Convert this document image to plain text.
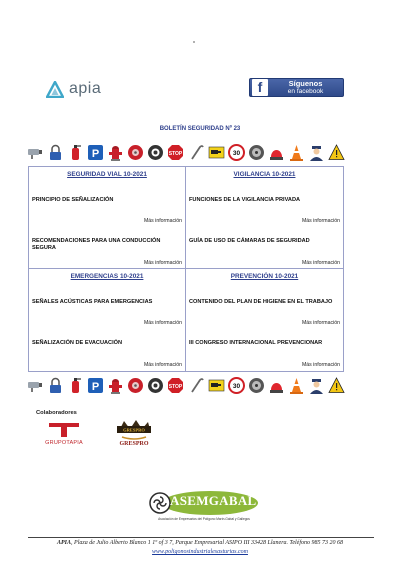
apia	f	Síguenos
en facebook
BOLETÍN SEGURIDAD Nº 23
P	STOP	30
SEGURIDAD VIAL 10-2021
PRINCIPIO DE SEÑALIZACIÓN
Más información
RECOMENDACIONES PARA UNA CONDUCCIÓN SEGURA
Más información
VIGILANCIA 10-2021
FUNCIONES DE LA VIGILANCIA PRIVADA
Más información
GUÍA DE USO DE CÁMARAS DE SEGURIDAD
Más información
EMERGENCIAS 10-2021
SEÑALES ACÚSTICAS PARA EMERGENCIAS
Más información
SEÑALIZACIÓN DE EVACUACIÓN
Más información
PREVENCIÓN 10-2021
CONTENIDO DEL PLAN DE HIGIENE EN EL TRABAJO
Más información
III CONGRESO INTERNACIONAL PREVENCIONAR
Más información
P	STOP	30
Colaboradores
GRUPOTAPIA
GRESPRO
GRESPRO
ASEMGABAL
Asociación de Empresarios del Polígono Marín-Gabal y Gallegos
APIA, Plaza de Julio Alberto Blanco 1 1º of 3 7, Parque Empresarial ASIPO III 33428 Llanera. Teléfono 985 73 20 68
www.poligonosindustrialesasturias.com
